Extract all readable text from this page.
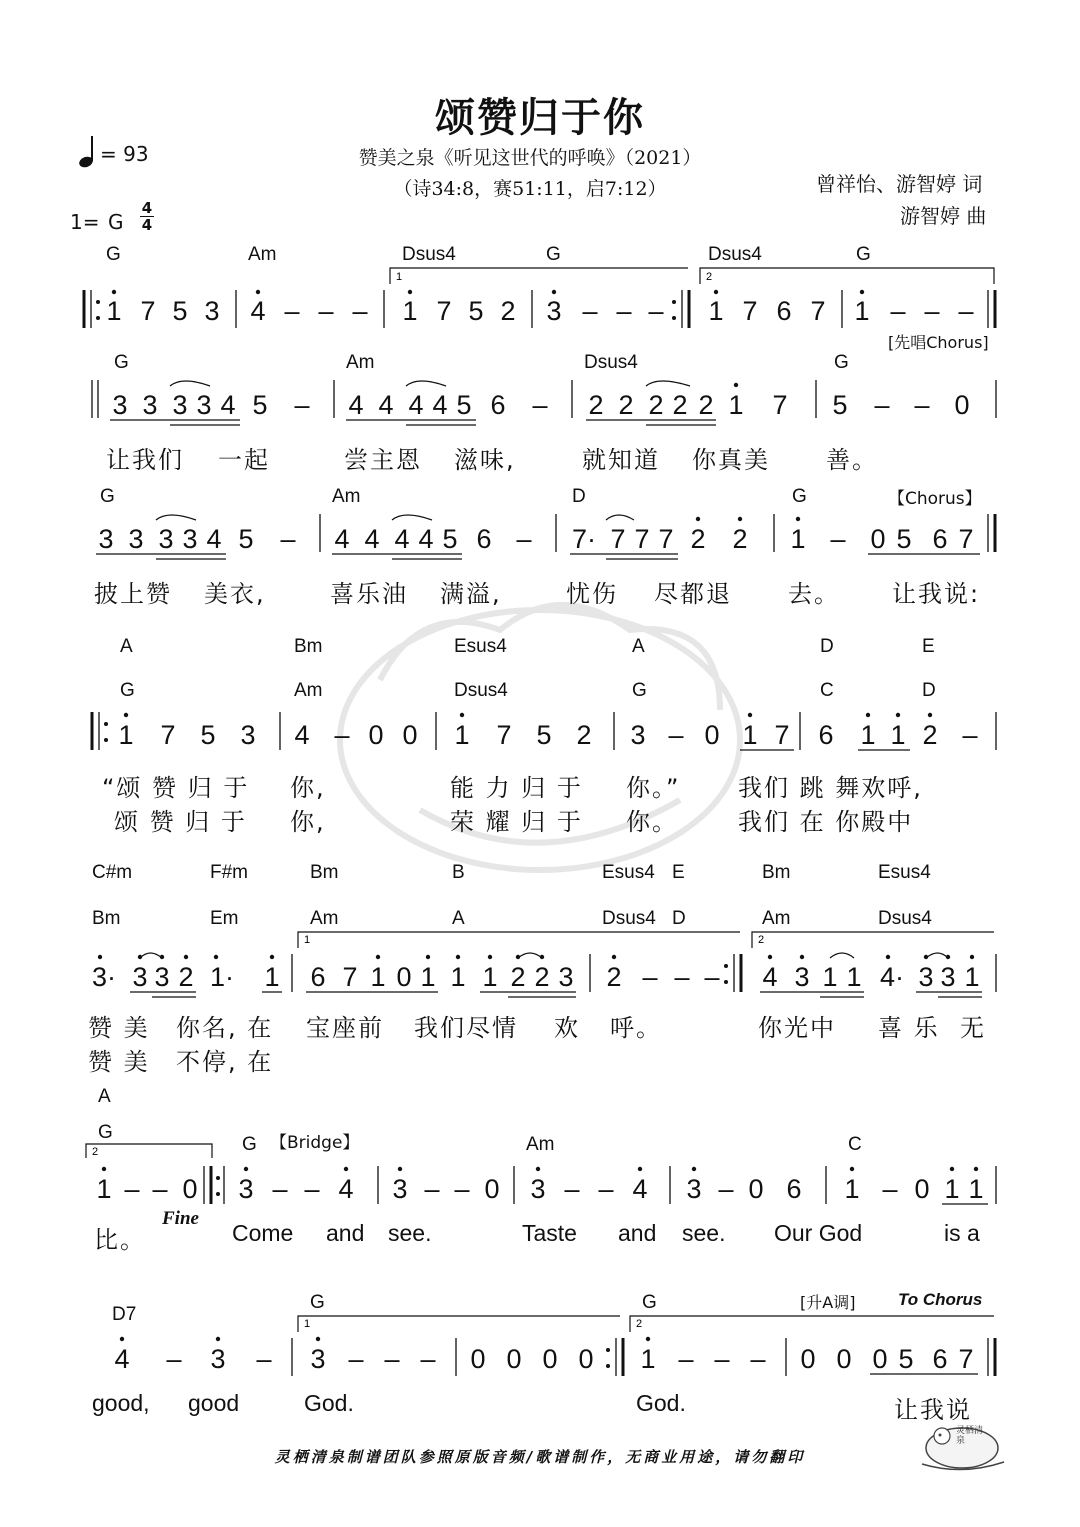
颂赞归于你
赞美之泉《听见这世代的呼唤》（2021）
（诗34:8，赛51:11，启7:12）
= 93
1= G
4
4
曾祥怡、游智婷 词
游智婷 曲
G	Am	Dsus4	G	Dsus4	G
1	2
1 7 5 3 4 – – – 1 7 5 2 3 – – – 1 7 6 7 1 – – –
[先唱Chorus]
G	Am	Dsus4	G
3 3 3 3 4 5 – 4 4 4 4 5 6 – 2 2 2 2 2 1 7 5 – – 0
让我们 一起	尝主恩 滋味,	就知道 你真美 善。
G	Am	D	G	【Chorus】
3 3 3 3 4 5 – 4 4 4 4 5 6 – 7· 7 7 7 2 2 1 – 0 5 6 7
披上赞 美衣,	喜乐油 满溢,	忧伤 尽都退 去。 让我说:
A	Bm	Esus4	A	D	E
G	Am	Dsus4	G	C	D
1 7 5 3 4 – 0 0 1 7 5 2 3 – 0 1 7 6 1 1 2 –
“颂 赞 归 于 你,	能 力 归 于 你。” 我们 跳 舞欢呼,
颂 赞 归 于 你,	荣 耀 归 于 你。	我们 在 你殿中
C#m	F#m	Bm	B	Esus4 E	Bm	Esus4
Bm	Em	Am	A	Dsus4 D	Am	Dsus4
1	2
3· 3 3 2 1· 1 6 7 1 0 1 1 1 2 2 3 2 – – – 4 3 1 1 4· 3 3 1
赞 美 你名, 在 宝座前 我们尽情 欢 呼。	你光中 喜 乐 无
赞 美 不停, 在
A
G
G 【Bridge】	Am	C
2
1 – – 0 3 – – 4 3 – – 0 3 – – 4 3 – 0 6 1 – 0 1 1
比。
Fine
Come and see.	Taste and see. Our God	is a
D7
G	G	[升A调]	To Chorus
1	2
4 – 3 – 3 – – – 0 0 0 0 1 – – – 0 0 0 5 6 7
good, good	God.	God.	让我说
灵栖清泉制谱团队参照原版音频/歌谱制作，无商业用途，请勿翻印
灵栖清泉
